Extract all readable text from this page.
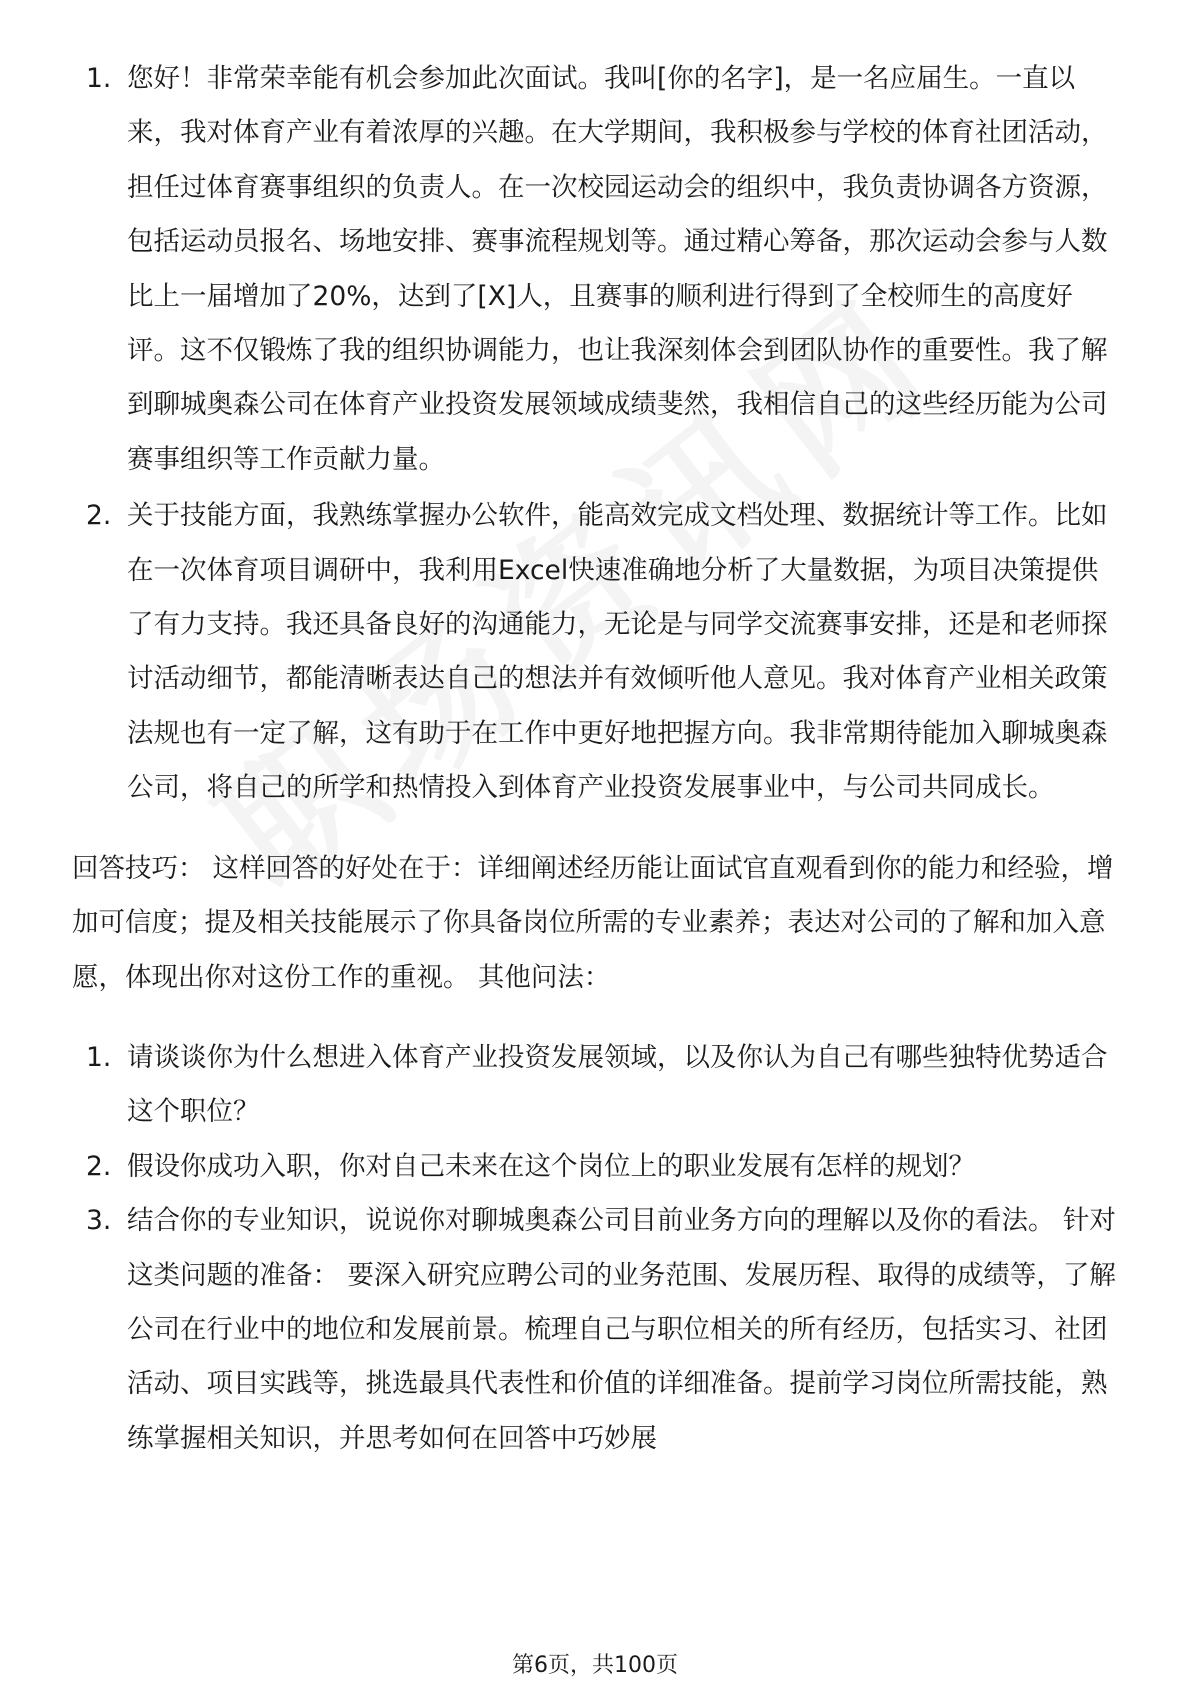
1. 您好！非常荣幸能有机会参加此次面试。我叫[你的名字]，是一名应届生。一直以来，我对体育产业有着浓厚的兴趣。在大学期间，我积极参与学校的体育社团活动，担任过体育赛事组织的负责人。在一次校园运动会的组织中，我负责协调各方资源，包括运动员报名、场地安排、赛事流程规划等。通过精心筹备，那次运动会参与人数比上一届增加了20%，达到了[X]人，且赛事的顺利进行得到了全校师生的高度好评。这不仅锻炼了我的组织协调能力，也让我深刻体会到团队协作的重要性。我了解到聊城奥森公司在体育产业投资发展领域成绩斐然，我相信自己的这些经历能为公司赛事组织等工作贡献力量。
2. 关于技能方面，我熟练掌握办公软件，能高效完成文档处理、数据统计等工作。比如在一次体育项目调研中，我利用Excel快速准确地分析了大量数据，为项目决策提供了有力支持。我还具备良好的沟通能力，无论是与同学交流赛事安排，还是和老师探讨活动细节，都能清晰表达自己的想法并有效倾听他人意见。我对体育产业相关政策法规也有一定了解，这有助于在工作中更好地把握方向。我非常期待能加入聊城奥森公司，将自己的所学和热情投入到体育产业投资发展事业中，与公司共同成长。
回答技巧： 这样回答的好处在于：详细阐述经历能让面试官直观看到你的能力和经验，增加可信度；提及相关技能展示了你具备岗位所需的专业素养；表达对公司的了解和加入意愿，体现出你对这份工作的重视。 其他问法：
1. 请谈谈你为什么想进入体育产业投资发展领域，以及你认为自己有哪些独特优势适合这个职位？
2. 假设你成功入职，你对自己未来在这个岗位上的职业发展有怎样的规划？
3. 结合你的专业知识，说说你对聊城奥森公司目前业务方向的理解以及你的看法。 针对这类问题的准备： 要深入研究应聘公司的业务范围、发展历程、取得的成绩等，了解公司在行业中的地位和发展前景。梳理自己与职位相关的所有经历，包括实习、社团活动、项目实践等，挑选最具代表性和价值的详细准备。提前学习岗位所需技能，熟练掌握相关知识，并思考如何在回答中巧妙展
第6页，共100页
